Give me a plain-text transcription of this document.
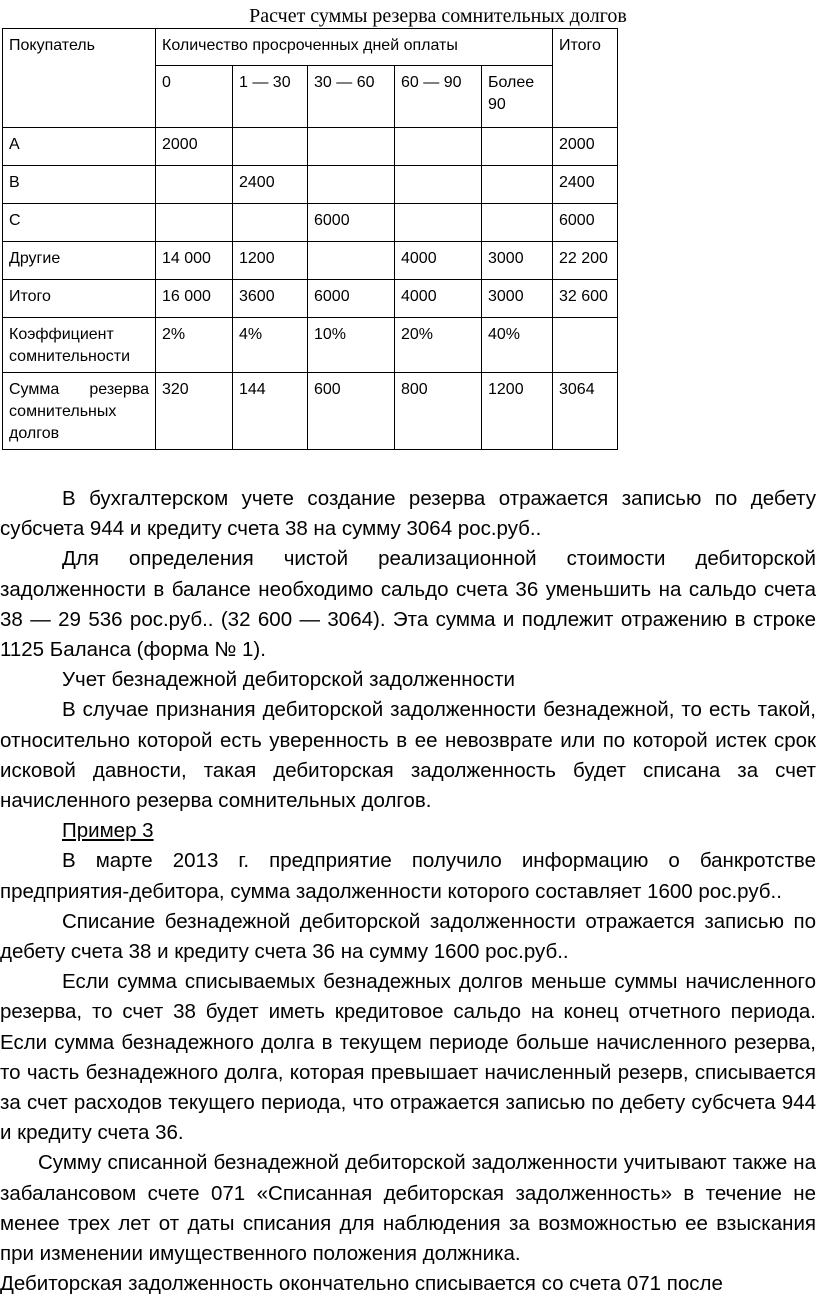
Расчет суммы резерва сомнительных долгов
Покупатель	Количество просроченных дней оплаты					Итого
	0	1 — 30	30 — 60	60 — 90	Более 90	
A	2000					2000
B		2400				2400
C			6000			6000
Другие	14 000	1200		4000	3000	22 200
Итого	16 000	3600	6000	4000	3000	32 600
Коэффициент сомнительности	2%	4%	10%	20%	40%	
Сумма резерва сомнительных долгов	320	144	600	800	1200	3064

В бухгалтерском учете создание резерва отражается записью по дебету субсчета 944 и кредиту счета 38 на сумму 3064 рос.руб..

Для определения чистой реализационной стоимости дебиторской задолженности в балансе необходимо сальдо счета 36 уменьшить на сальдо счета 38 — 29 536 рос.руб.. (32 600 — 3064). Эта сумма и подлежит отражению в строке 1125 Баланса (форма № 1).

Учет безнадежной дебиторской задолженности

В случае признания дебиторской задолженности безнадежной, то есть такой, относительно которой есть уверенность в ее невозврате или по которой истек срок исковой давности, такая дебиторская задолженность будет списана за счет начисленного резерва сомнительных долгов.

Пример 3

В марте 2013 г. предприятие получило информацию о банкротстве предприятия-дебитора, сумма задолженности которого составляет 1600 рос.руб..

Списание безнадежной дебиторской задолженности отражается записью по дебету счета 38 и кредиту счета 36 на сумму 1600 рос.руб..

Если сумма списываемых безнадежных долгов меньше суммы начисленного резерва, то счет 38 будет иметь кредитовое сальдо на конец отчетного периода. Если сумма безнадежного долга в текущем периоде больше начисленного резерва, то часть безнадежного долга, которая превышает начисленный резерв, списывается за счет расходов текущего периода, что отражается записью по дебету субсчета 944 и кредиту счета 36.

Сумму списанной безнадежной дебиторской задолженности учитывают также на забалансовом счете 071 «Списанная дебиторская задолженность» в течение не менее трех лет от даты списания для наблюдения за возможностью ее взыскания при изменении имущественного положения должника.

Дебиторская задолженность окончательно списывается со счета 071 после
